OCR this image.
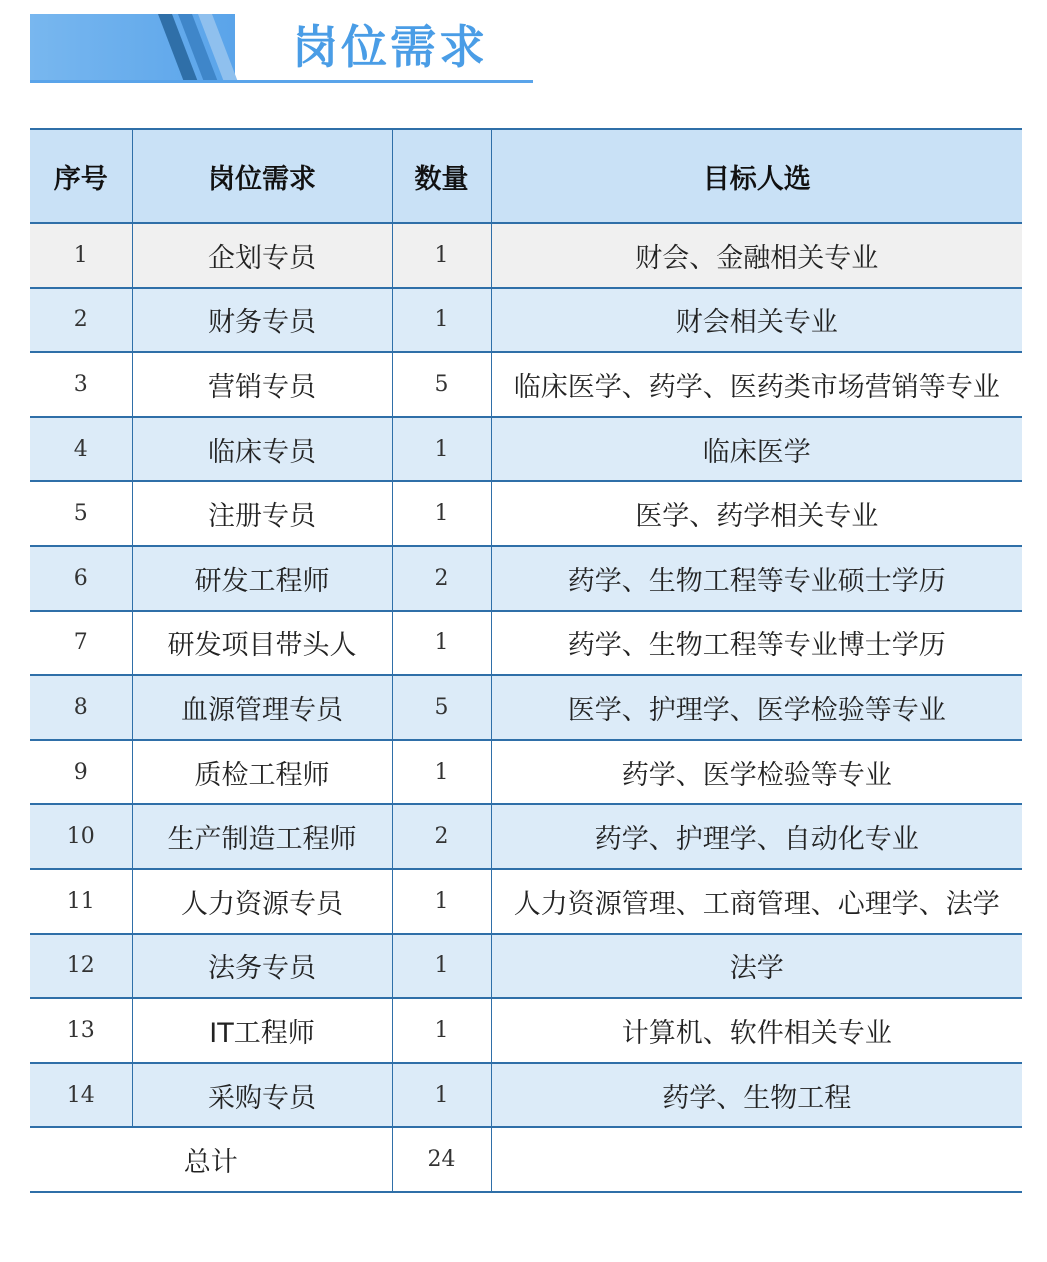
岗位需求
序号	岗位需求	数量	目标人选
1	企划专员	1	财会、金融相关专业
2	财务专员	1	财会相关专业
3	营销专员	5	临床医学、药学、医药类市场营销等专业
4	临床专员	1	临床医学
5	注册专员	1	医学、药学相关专业
6	研发工程师	2	药学、生物工程等专业硕士学历
7	研发项目带头人	1	药学、生物工程等专业博士学历
8	血源管理专员	5	医学、护理学、医学检验等专业
9	质检工程师	1	药学、医学检验等专业
10	生产制造工程师	2	药学、护理学、自动化专业
11	人力资源专员	1	人力资源管理、工商管理、心理学、法学
12	法务专员	1	法学
13	IT工程师	1	计算机、软件相关专业
14	采购专员	1	药学、生物工程
总计		24	
